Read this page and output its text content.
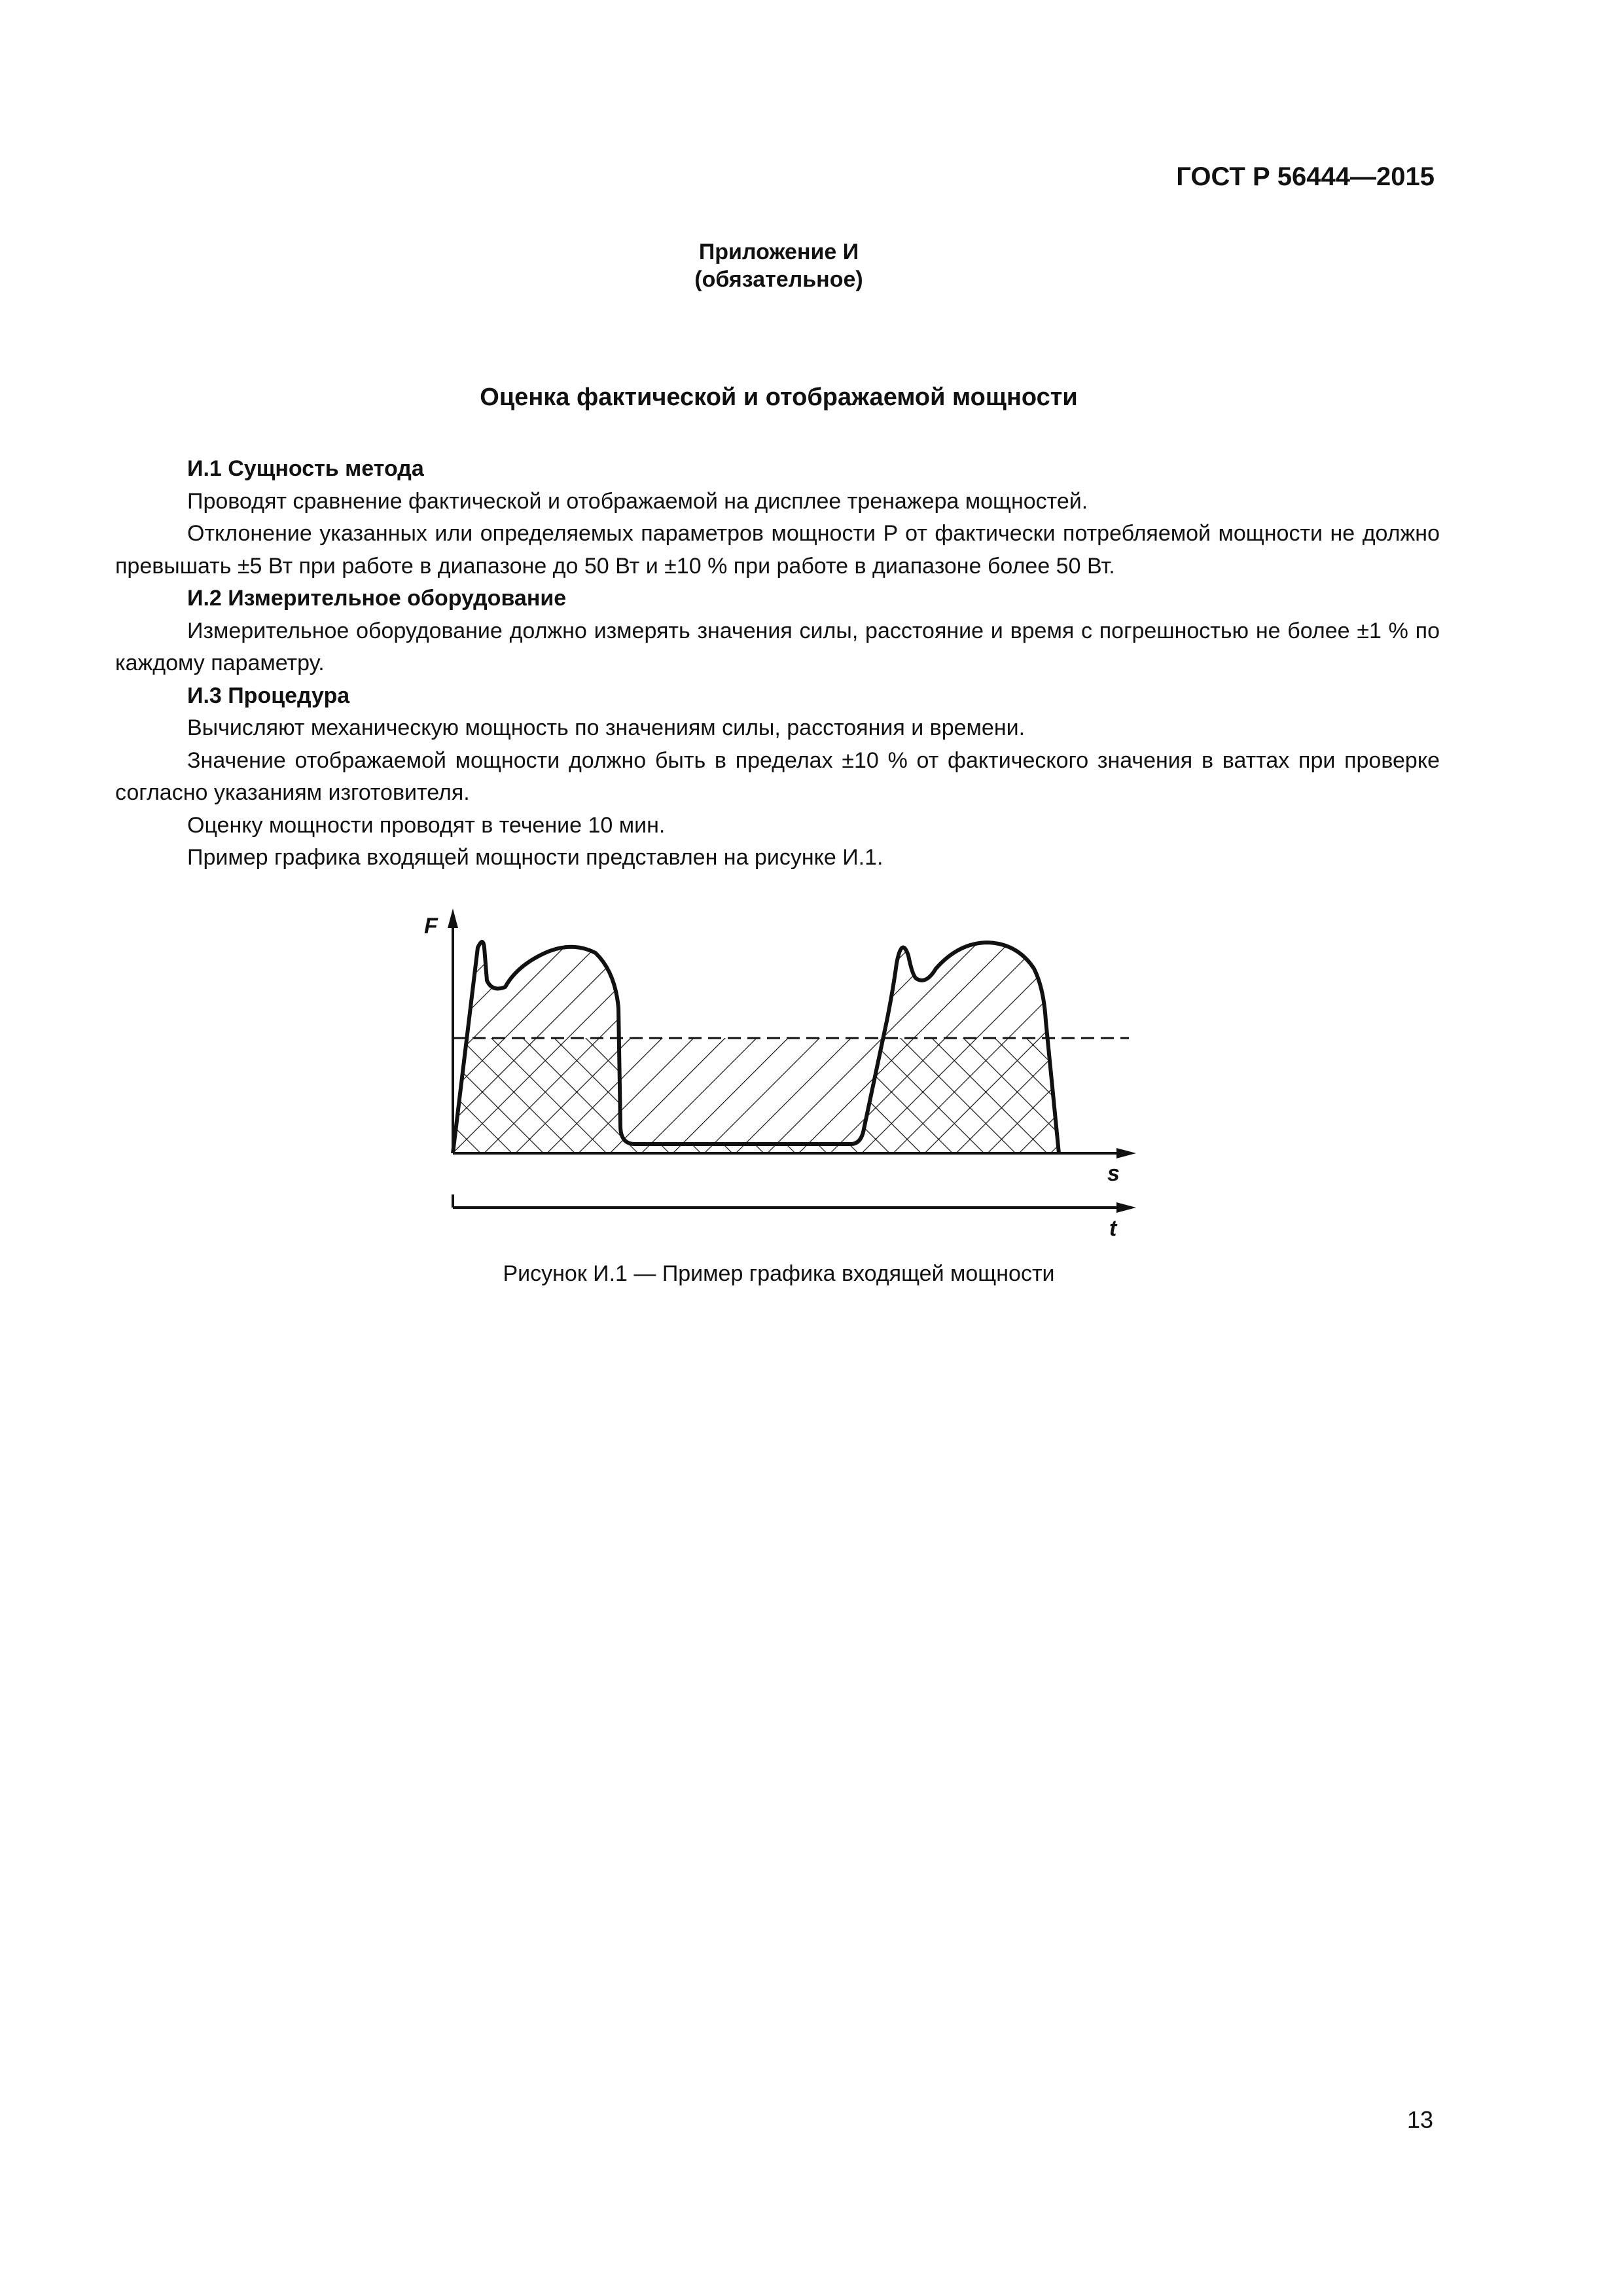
ГОСТ Р 56444—2015
Приложение И
(обязательное)
Оценка фактической и отображаемой мощности

И.1 Сущность метода

Проводят сравнение фактической и отображаемой на дисплее тренажера мощностей.

Отклонение указанных или определяемых параметров мощности P от фактически потребляемой мощности не должно превышать ±5 Вт при работе в диапазоне до 50 Вт и ±10 % при работе в диапазоне более 50 Вт.

И.2 Измерительное оборудование

Измерительное оборудование должно измерять значения силы, расстояние и время с погрешностью не более ±1 % по каждому параметру.

И.3 Процедура

Вычисляют механическую мощность по значениям силы, расстояния и времени.

Значение отображаемой мощности должно быть в пределах ±10 % от фактического значения в ваттах при проверке согласно указаниям изготовителя.

Оценку мощности проводят в течение 10 мин.

Пример графика входящей мощности представлен на рисунке И.1.

F
s
t
Рисунок И.1 — Пример графика входящей мощности
13
